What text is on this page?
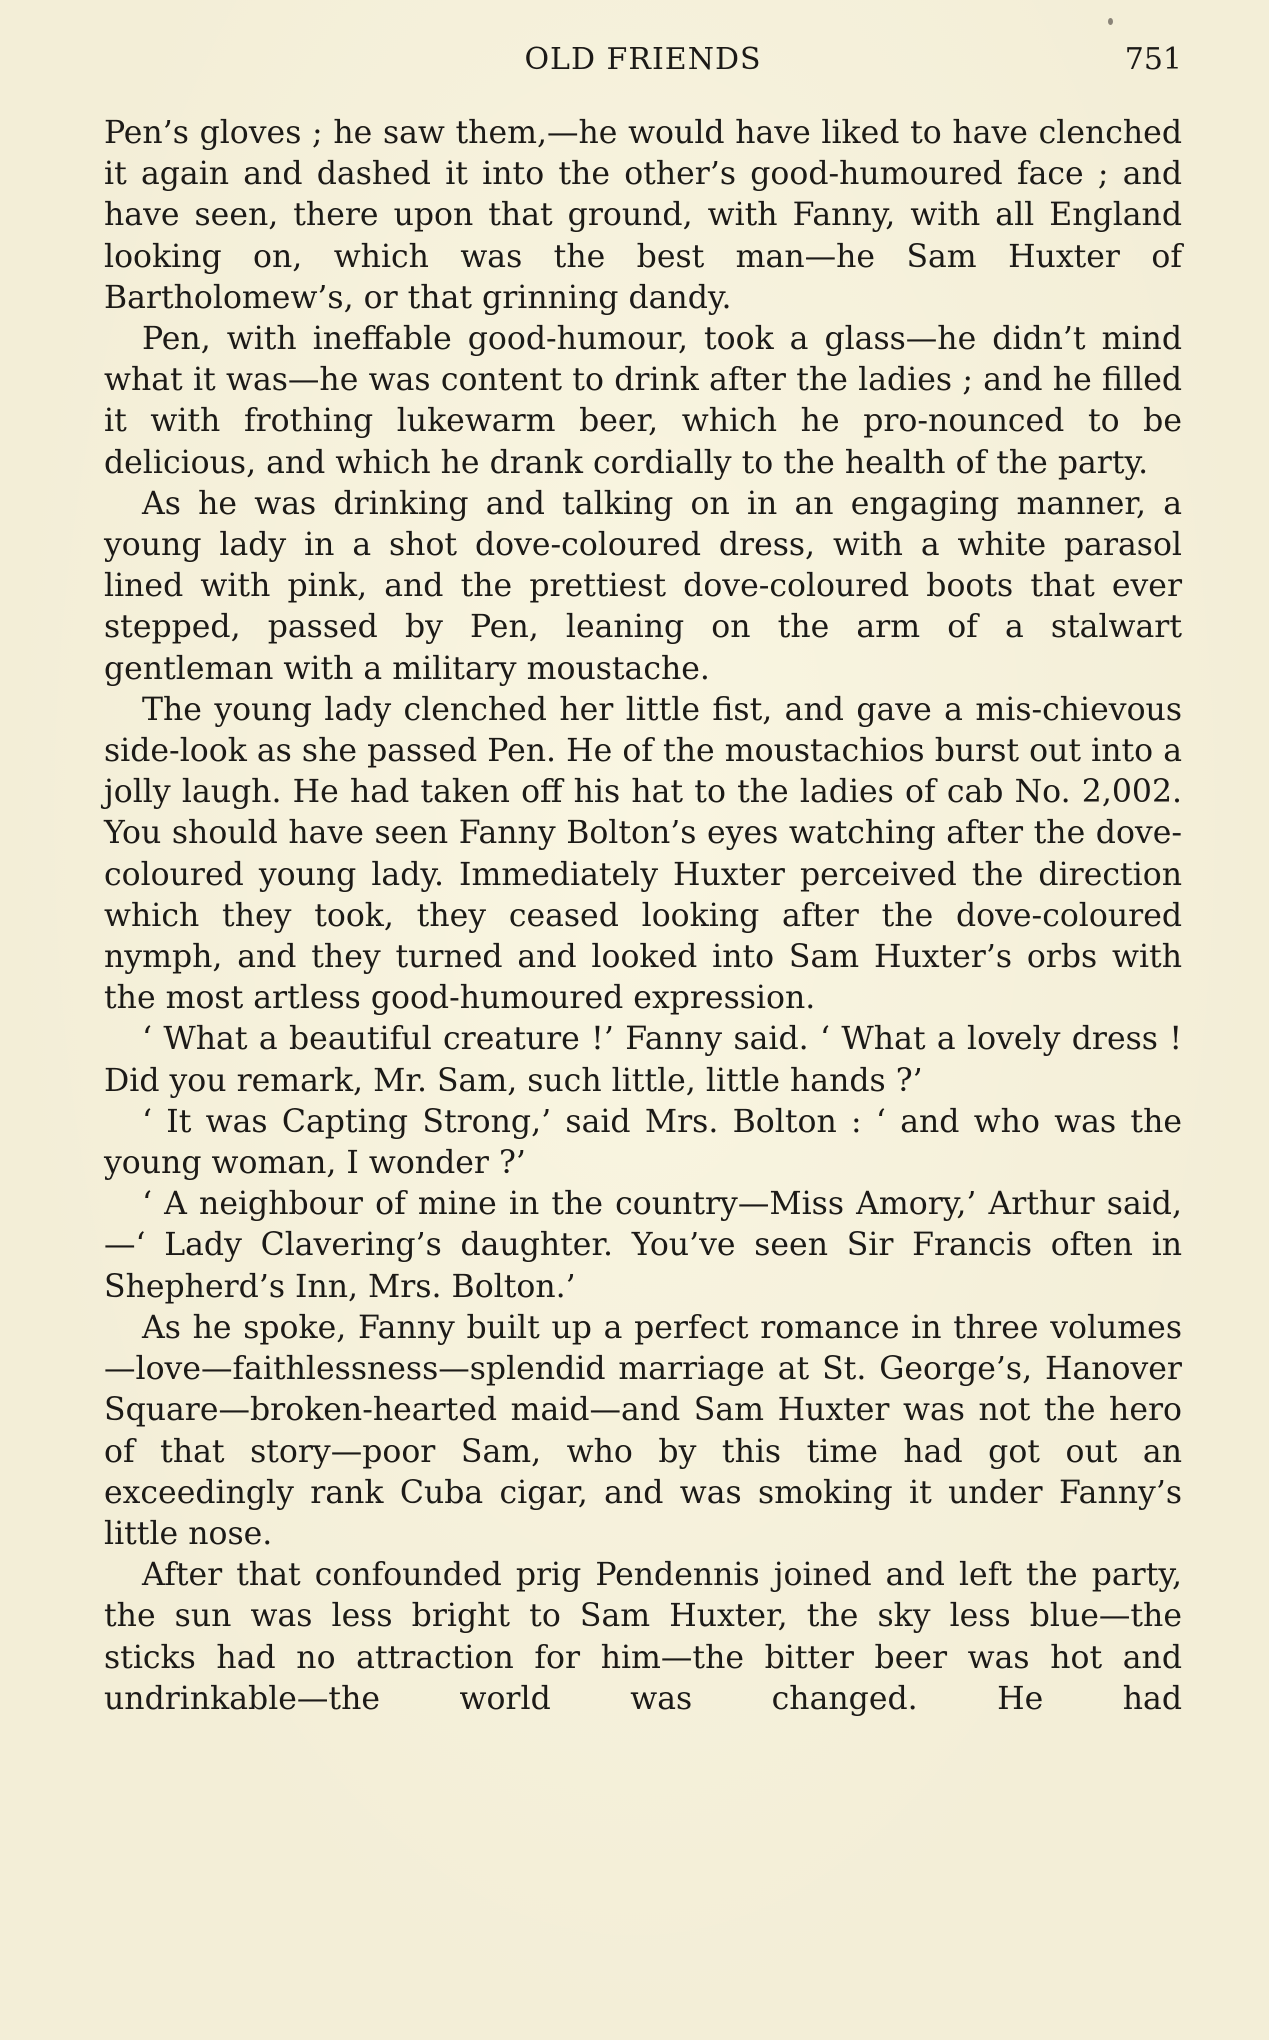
OLD FRIENDS	751

Pen’s gloves ; he saw them,—he would have liked to have clenched it again and dashed it into the other’s good-humoured face ; and have seen, there upon that ground, with Fanny, with all England looking on, which was the best man—he Sam Huxter of Bartholomew’s, or that grinning dandy.

Pen, with ineffable good-humour, took a glass—he didn’t mind what it was—he was content to drink after the ladies ; and he filled it with frothing lukewarm beer, which he pro-nounced to be delicious, and which he drank cordially to the health of the party.

As he was drinking and talking on in an engaging manner, a young lady in a shot dove-coloured dress, with a white parasol lined with pink, and the prettiest dove-coloured boots that ever stepped, passed by Pen, leaning on the arm of a stalwart gentleman with a military moustache.

The young lady clenched her little fist, and gave a mis-chievous side-look as she passed Pen. He of the moustachios burst out into a jolly laugh. He had taken off his hat to the ladies of cab No. 2,002. You should have seen Fanny Bolton’s eyes watching after the dove-coloured young lady. Immediately Huxter perceived the direction which they took, they ceased looking after the dove-coloured nymph, and they turned and looked into Sam Huxter’s orbs with the most artless good-humoured expression.

‘ What a beautiful creature !’ Fanny said. ‘ What a lovely dress ! Did you remark, Mr. Sam, such little, little hands ?’

‘ It was Capting Strong,’ said Mrs. Bolton : ‘ and who was the young woman, I wonder ?’

‘ A neighbour of mine in the country—Miss Amory,’ Arthur said,—‘ Lady Clavering’s daughter. You’ve seen Sir Francis often in Shepherd’s Inn, Mrs. Bolton.’

As he spoke, Fanny built up a perfect romance in three volumes—love—faithlessness—splendid marriage at St. George’s, Hanover Square—broken-hearted maid—and Sam Huxter was not the hero of that story—poor Sam, who by this time had got out an exceedingly rank Cuba cigar, and was smoking it under Fanny’s little nose.

After that confounded prig Pendennis joined and left the party, the sun was less bright to Sam Huxter, the sky less blue—the sticks had no attraction for him—the bitter beer was hot and undrinkable—the world was changed. He had
